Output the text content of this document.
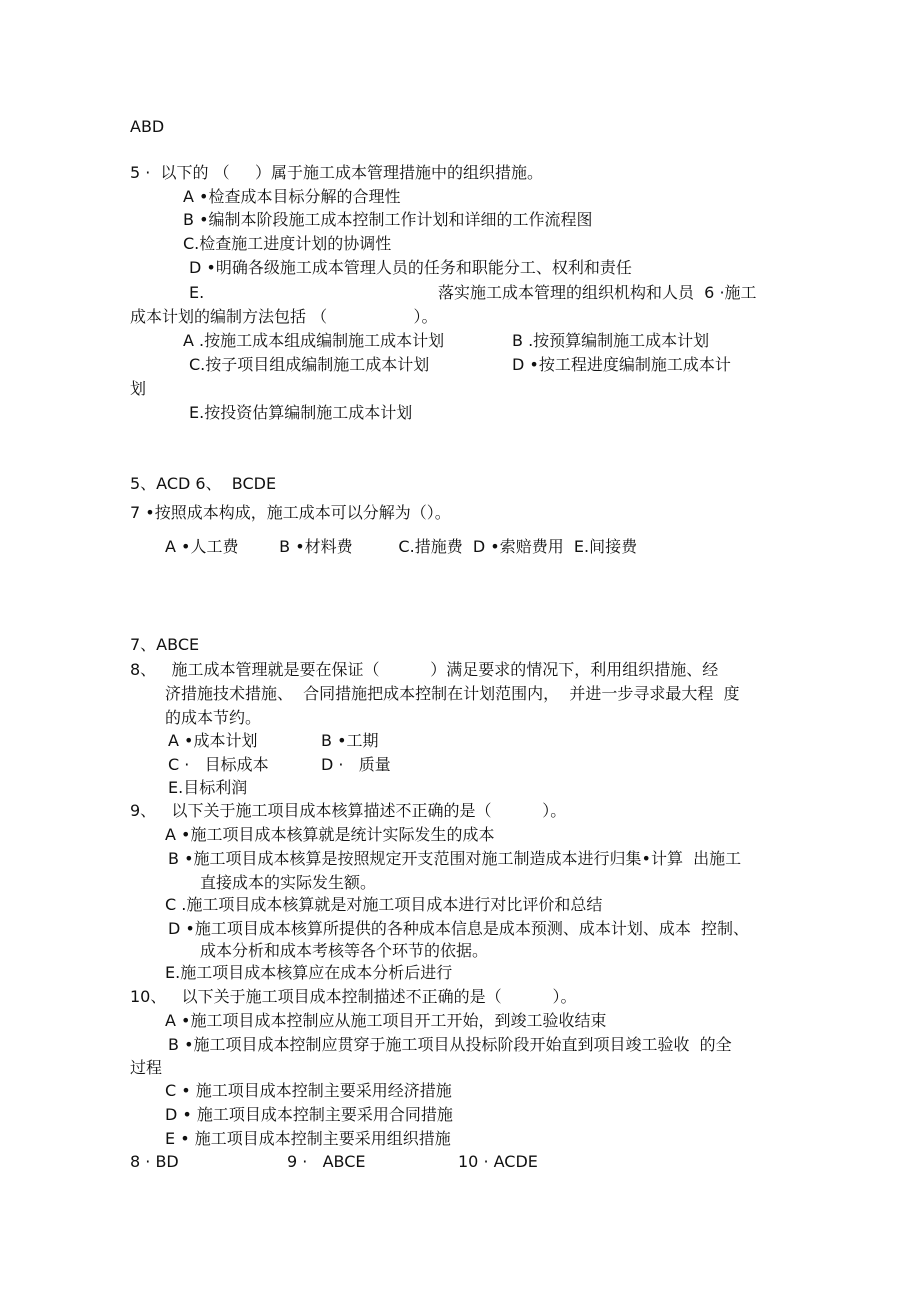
ABD
5 ·  以下的 （     ）属于施工成本管理措施中的组织措施。
A •检查成本目标分解的合理性
B •编制本阶段施工成本控制工作计划和详细的工作流程图
C.检查施工进度计划的协调性
D •明确各级施工成本管理人员的任务和职能分工、权利和责任
E.	落实施工成本管理的组织机构和人员  6 ·施工
成本计划的编制方法包括 （                 ）。
A .按施工成本组成编制施工成本计划	B .按预算编制施工成本计划
C.按子项目组成编制施工成本计划	D •按工程进度编制施工成本计
划
E.按投资估算编制施工成本计划
5、ACD 6、  BCDE
7 •按照成本构成，施工成本可以分解为（）。
A •人工费        B •材料费         C.措施费  D •索赔费用  E.间接费
7、ABCE
8、   施工成本管理就是要在保证（          ）满足要求的情况下，利用组织措施、经
济措施技术措施、  合同措施把成本控制在计划范围内，  并进一步寻求最大程  度
的成本节约。
A •成本计划	B •工期
C ·   目标成本	D ·   质量
E.目标利润
9、   以下关于施工项目成本核算描述不正确的是（          ）。
A •施工项目成本核算就是统计实际发生的成本
B •施工项目成本核算是按照规定开支范围对施工制造成本进行归集•计算  出施工
直接成本的实际发生额。
C .施工项目成本核算就是对施工项目成本进行对比评价和总结
D •施工项目成本核算所提供的各种成本信息是成本预测、成本计划、成本  控制、
成本分析和成本考核等各个环节的依据。
E.施工项目成本核算应在成本分析后进行
10、   以下关于施工项目成本控制描述不正确的是（          ）。
A •施工项目成本控制应从施工项目开工开始，到竣工验收结束
B •施工项目成本控制应贯穿于施工项目从投标阶段开始直到项目竣工验收  的全
过程
C • 施工项目成本控制主要采用经济措施
D • 施工项目成本控制主要采用合同措施
E • 施工项目成本控制主要采用组织措施
8 · BD	9 ·   ABCE	10 · ACDE
